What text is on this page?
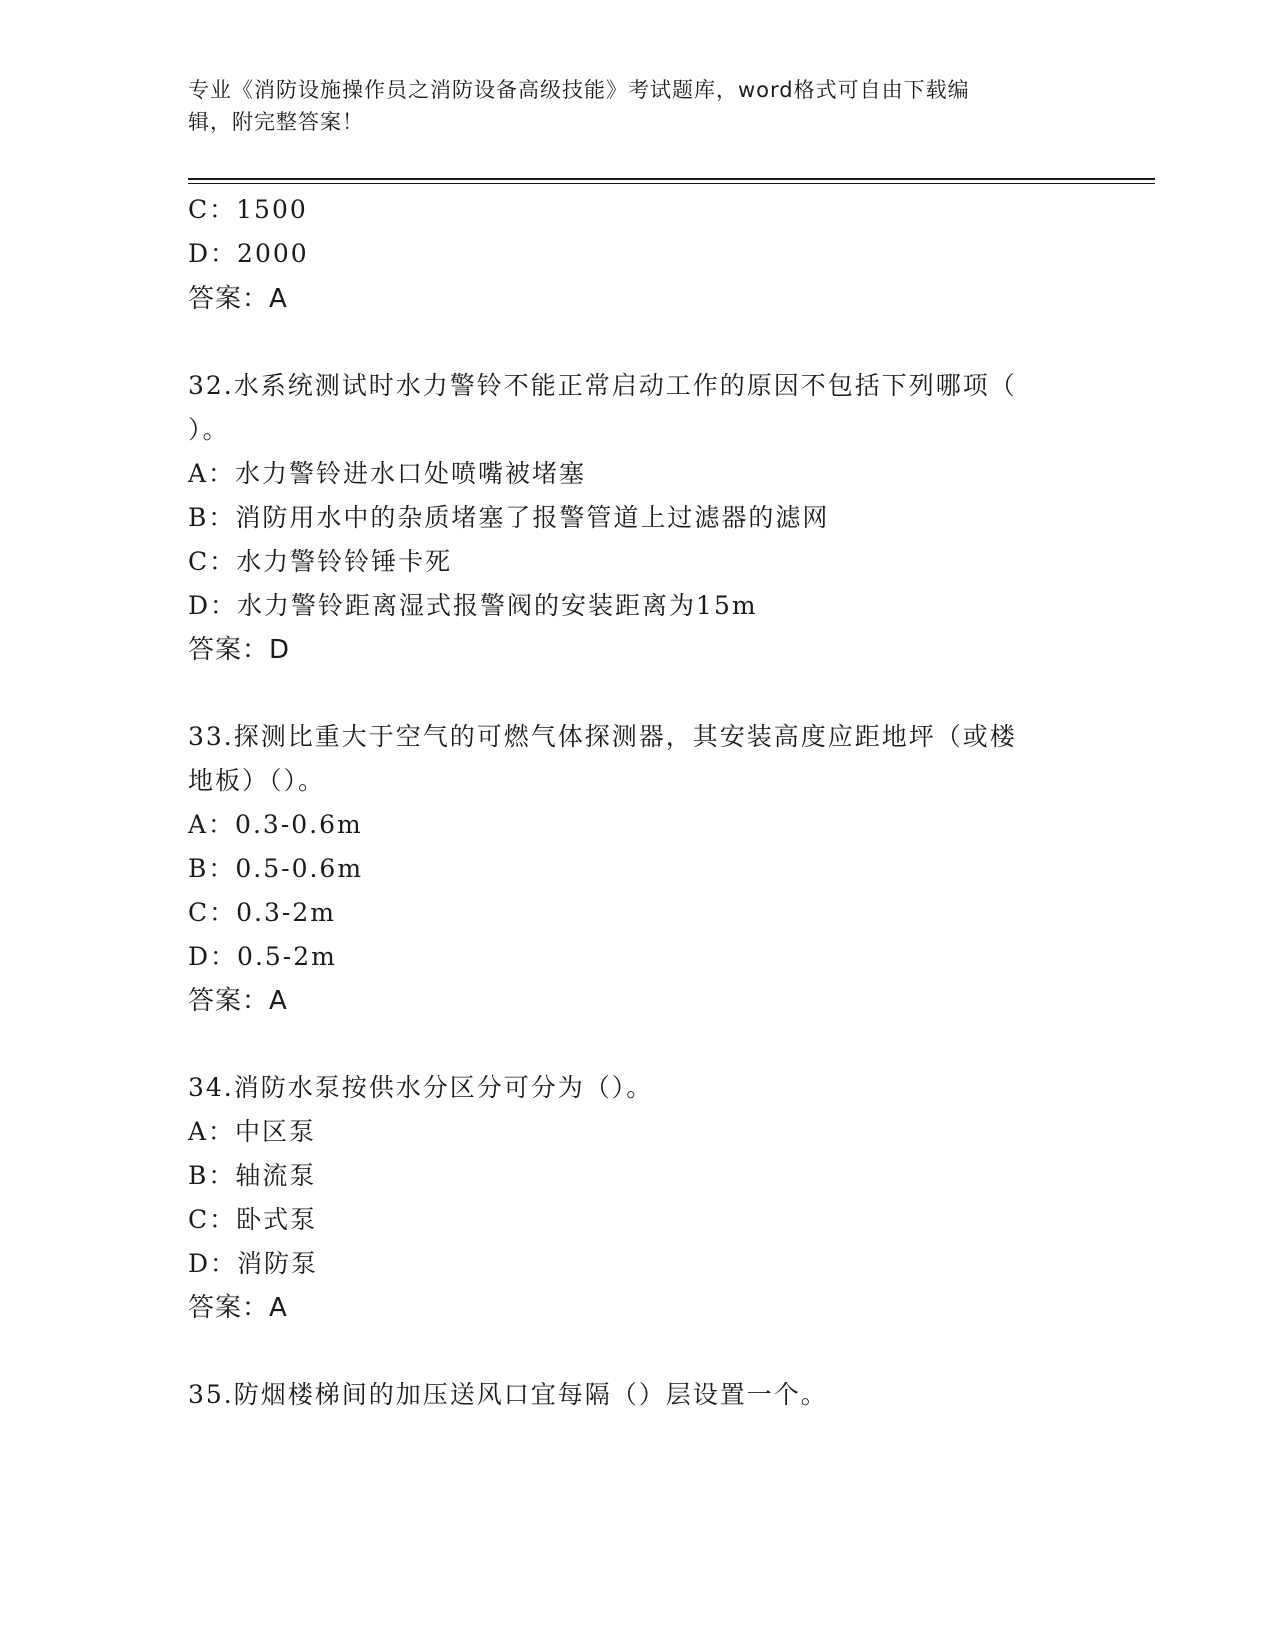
专业《消防设施操作员之消防设备高级技能》考试题库，word格式可自由下载编
辑，附完整答案！
C：1500
D：2000
答案：A
32.水系统测试时水力警铃不能正常启动工作的原因不包括下列哪项（
）。
A：水力警铃进水口处喷嘴被堵塞
B：消防用水中的杂质堵塞了报警管道上过滤器的滤网
C：水力警铃铃锤卡死
D：水力警铃距离湿式报警阀的安装距离为15m
答案：D
33.探测比重大于空气的可燃气体探测器，其安装高度应距地坪（或楼
地板）（）。
A：0.3-0.6m
B：0.5-0.6m
C：0.3-2m
D：0.5-2m
答案：A
34.消防水泵按供水分区分可分为（）。
A：中区泵
B：轴流泵
C：卧式泵
D：消防泵
答案：A
35.防烟楼梯间的加压送风口宜每隔（）层设置一个。
